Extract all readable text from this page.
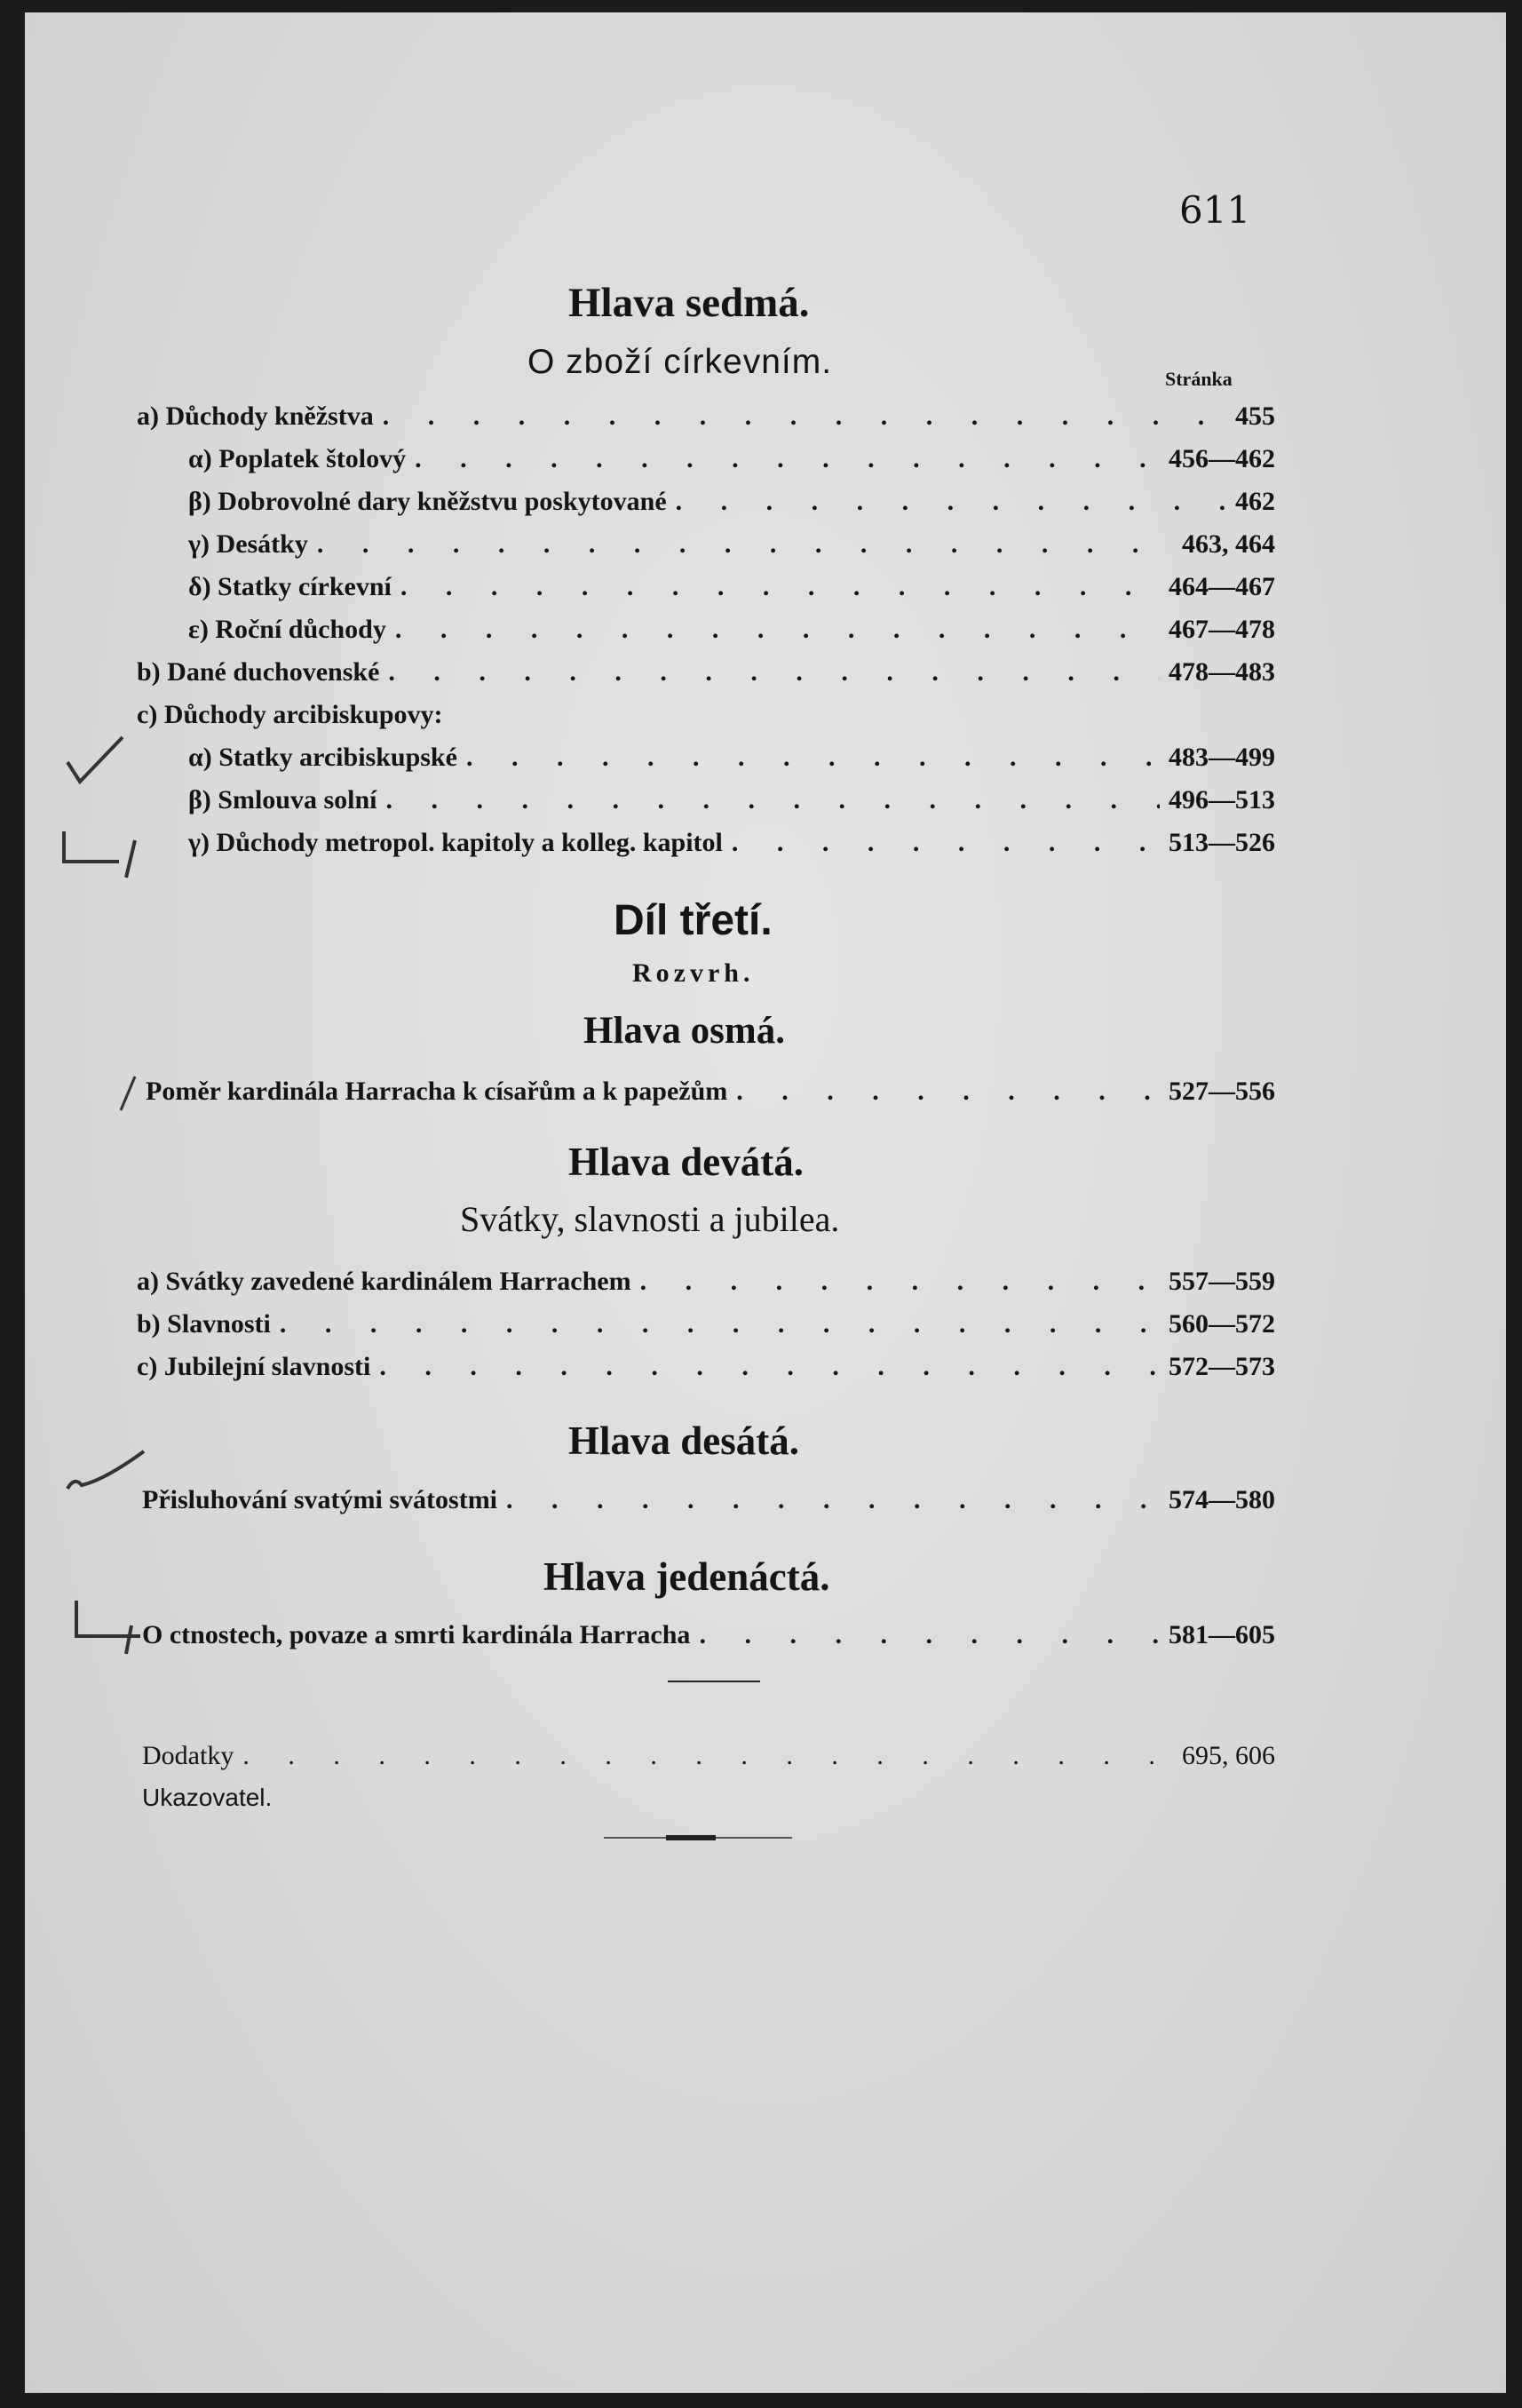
611
Hlava sedmá.
O zboží církevním.	Stránka
a) Důchody kněžstva . . .	455
α) Poplatek štolový . . .	456—462
β) Dobrovolné dary kněžstvu poskytované . . .	462
γ) Desátky . . .	463, 464
δ) Statky církevní . . .	464—467
ε) Roční důchody . . .	467—478
b) Dané duchovenské . . .	478—483
c) Důchody arcibiskupovy:
α) Statky arcibiskupské . . .	483—499
β) Smlouva solní . . .	496—513
γ) Důchody metropol. kapitoly a kolleg. kapitol . . .	513—526
Díl třetí.
Rozvrh.
Hlava osmá.
Poměr kardinála Harracha k císařům a k papežům . . .	527—556
Hlava devátá.
Svátky, slavnosti a jubilea.
a) Svátky zavedené kardinálem Harrachem . . .	557—559
b) Slavnosti . . .	560—572
c) Jubilejní slavnosti . . .	572—573
Hlava desátá.
Přisluhování svatými svátostmi . . .	574—580
Hlava jedenáctá.
O ctnostech, povaze a smrti kardinála Harracha . . .	581—605
Dodatky . . .	695, 606
Ukazovatel.
